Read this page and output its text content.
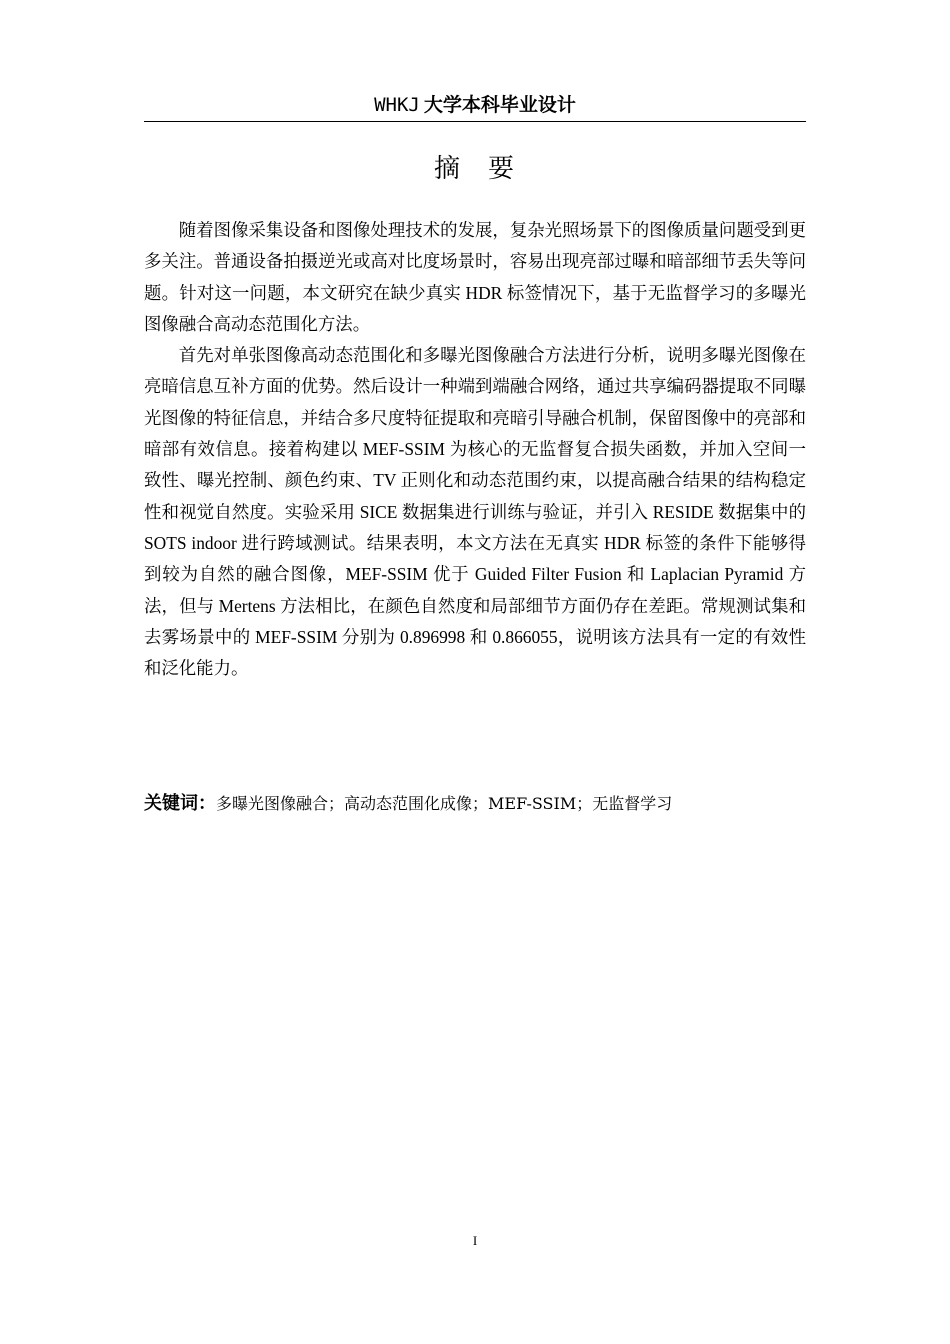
WHKJ 大学本科毕业设计
摘 要

随着图像采集设备和图像处理技术的发展，复杂光照场景下的图像质量问题受到更多关注。普通设备拍摄逆光或高对比度场景时，容易出现亮部过曝和暗部细节丢失等问题。针对这一问题，本文研究在缺少真实 HDR 标签情况下，基于无监督学习的多曝光图像融合高动态范围化方法。

首先对单张图像高动态范围化和多曝光图像融合方法进行分析，说明多曝光图像在亮暗信息互补方面的优势。然后设计一种端到端融合网络，通过共享编码器提取不同曝光图像的特征信息，并结合多尺度特征提取和亮暗引导融合机制，保留图像中的亮部和暗部有效信息。接着构建以 MEF-SSIM 为核心的无监督复合损失函数，并加入空间一致性、曝光控制、颜色约束、TV 正则化和动态范围约束，以提高融合结果的结构稳定性和视觉自然度。实验采用 SICE 数据集进行训练与验证，并引入 RESIDE 数据集中的 SOTS indoor 进行跨域测试。结果表明，本文方法在无真实 HDR 标签的条件下能够得到较为自然的融合图像，MEF-SSIM 优于 Guided Filter Fusion 和 Laplacian Pyramid 方法，但与 Mertens 方法相比，在颜色自然度和局部细节方面仍存在差距。常规测试集和去雾场景中的 MEF-SSIM 分别为 0.896998 和 0.866055，说明该方法具有一定的有效性和泛化能力。

关键词：多曝光图像融合；高动态范围化成像；MEF-SSIM；无监督学习
I
